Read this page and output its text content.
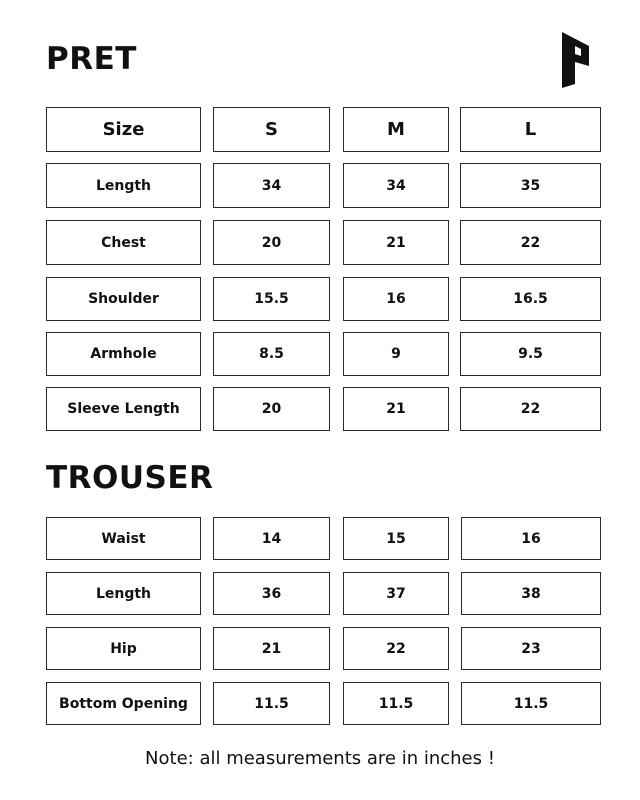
PRET
Size	S	M	L
Length	34	34	35
Chest	20	21	22
Shoulder	15.5	16	16.5
Armhole	8.5	9	9.5
Sleeve Length	20	21	22
TROUSER
Waist	14	15	16
Length	36	37	38
Hip	21	22	23
Bottom Opening	11.5	11.5	11.5
Note: all measurements are in inches !
